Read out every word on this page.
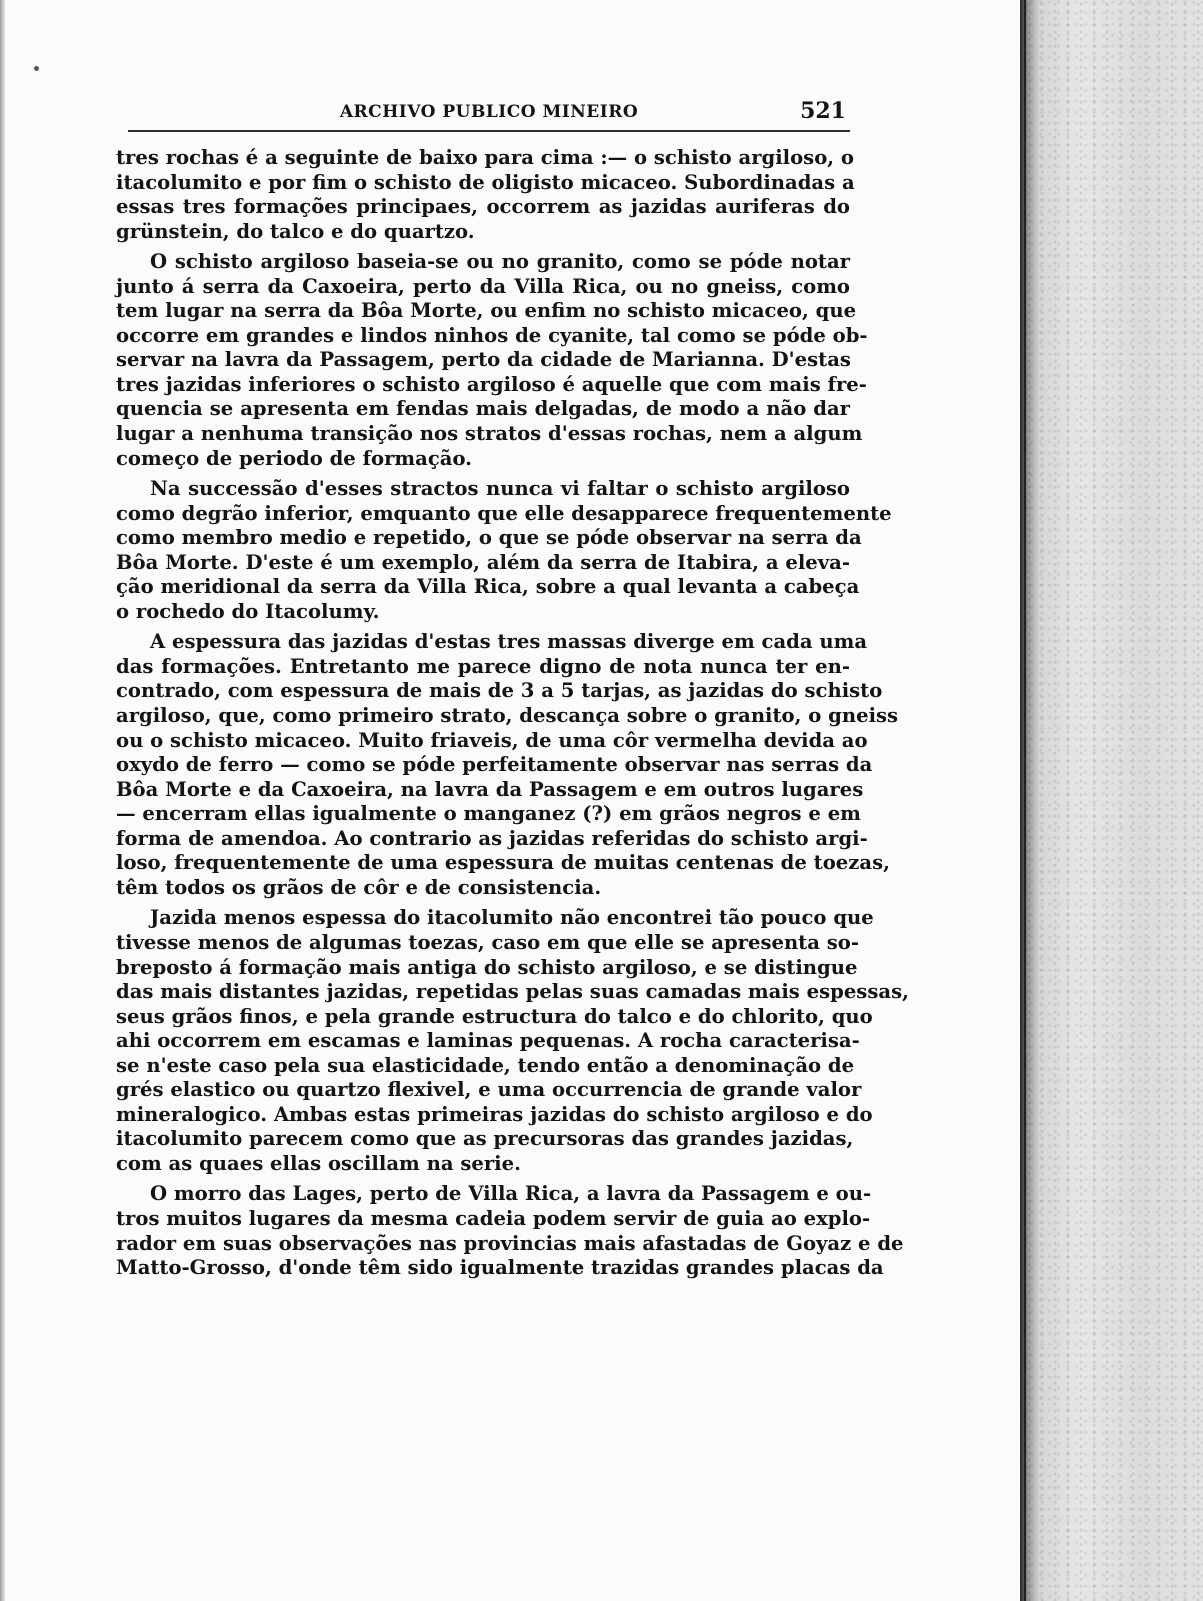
ARCHIVO PUBLICO MINEIRO	521
tres rochas é a seguinte de baixo para cima :— o schisto argiloso, o
itacolumito e por fim o schisto de oligisto micaceo. Subordinadas a
essas tres formações principaes, occorrem as jazidas auriferas do
grünstein, do talco e do quartzo.
O schisto argiloso baseia-se ou no granito, como se póde notar
junto á serra da Caxoeira, perto da Villa Rica, ou no gneiss, como
tem lugar na serra da Bôa Morte, ou enfim no schisto micaceo, que
occorre em grandes e lindos ninhos de cyanite, tal como se póde ob-
servar na lavra da Passagem, perto da cidade de Marianna. D'estas
tres jazidas inferiores o schisto argiloso é aquelle que com mais fre-
quencia se apresenta em fendas mais delgadas, de modo a não dar
lugar a nenhuma transição nos stratos d'essas rochas, nem a algum
começo de periodo de formação.
Na successão d'esses stractos nunca vi faltar o schisto argiloso
como degrão inferior, emquanto que elle desapparece frequentemente
como membro medio e repetido, o que se póde observar na serra da
Bôa Morte. D'este é um exemplo, além da serra de Itabira, a eleva-
ção meridional da serra da Villa Rica, sobre a qual levanta a cabeça
o rochedo do Itacolumy.
A espessura das jazidas d'estas tres massas diverge em cada uma
das formações. Entretanto me parece digno de nota nunca ter en-
contrado, com espessura de mais de 3 a 5 tarjas, as jazidas do schisto
argiloso, que, como primeiro strato, descança sobre o granito, o gneiss
ou o schisto micaceo. Muito friaveis, de uma côr vermelha devida ao
oxydo de ferro — como se póde perfeitamente observar nas serras da
Bôa Morte e da Caxoeira, na lavra da Passagem e em outros lugares
— encerram ellas igualmente o manganez (?) em grãos negros e em
forma de amendoa. Ao contrario as jazidas referidas do schisto argi-
loso, frequentemente de uma espessura de muitas centenas de toezas,
têm todos os grãos de côr e de consistencia.
Jazida menos espessa do itacolumito não encontrei tão pouco que
tivesse menos de algumas toezas, caso em que elle se apresenta so-
breposto á formação mais antiga do schisto argiloso, e se distingue
das mais distantes jazidas, repetidas pelas suas camadas mais espessas,
seus grãos finos, e pela grande estructura do talco e do chlorito, quo
ahi occorrem em escamas e laminas pequenas. A rocha caracterisa-
se n'este caso pela sua elasticidade, tendo então a denominação de
grés elastico ou quartzo flexivel, e uma occurrencia de grande valor
mineralogico. Ambas estas primeiras jazidas do schisto argiloso e do
itacolumito parecem como que as precursoras das grandes jazidas,
com as quaes ellas oscillam na serie.
O morro das Lages, perto de Villa Rica, a lavra da Passagem e ou-
tros muitos lugares da mesma cadeia podem servir de guia ao explo-
rador em suas observações nas provincias mais afastadas de Goyaz e de
Matto-Grosso, d'onde têm sido igualmente trazidas grandes placas da
